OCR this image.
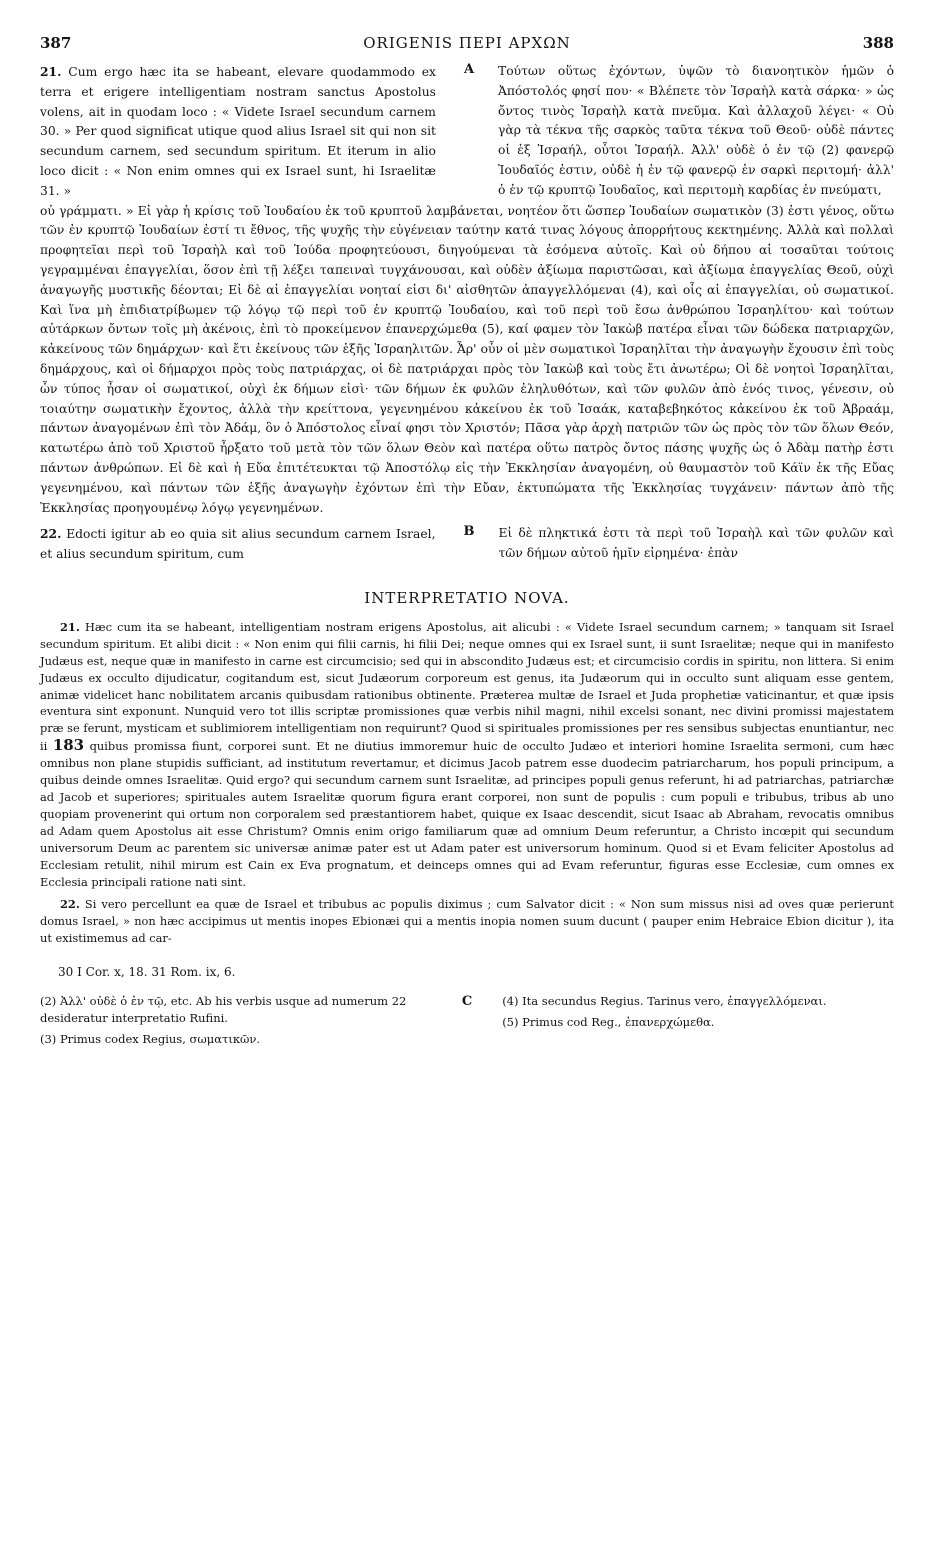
387	ORIGENIS ΠΕΡΙ ΑΡΧΩΝ	388

21. Cum ergo hæc ita se habeant, elevare quodammodo ex terra et erigere intelligentiam nostram sanctus Apostolus volens, ait in quodam loco : « Videte Israel secundum carnem 30. » Per quod significat utique quod alius Israel sit qui non sit secundum carnem, sed secundum spiritum. Et iterum in alio loco dicit : « Non enim omnes qui ex Israel sunt, hi Israelitæ 31. »

A	Τούτων οὕτως ἐχόντων, ὑψῶν τὸ διανοητικὸν ἡμῶν ὁ Ἀπόστολός φησί που· « Βλέπετε τὸν Ἰσραὴλ κατὰ σάρκα· » ὡς ὄντος τινὸς Ἰσραὴλ κατὰ πνεῦμα. Καὶ ἀλλαχοῦ λέγει· « Οὐ γὰρ τὰ τέκνα τῆς σαρκὸς ταῦτα τέκνα τοῦ Θεοῦ· οὐδὲ πάντες οἱ ἐξ Ἰσραήλ, οὗτοι Ἰσραήλ. Ἀλλ' οὐδὲ ὁ ἐν τῷ (2) φανερῷ Ἰουδαῖός ἐστιν, οὐδὲ ἡ ἐν τῷ φανερῷ ἐν σαρκὶ περιτομή· ἀλλ' ὁ ἐν τῷ κρυπτῷ Ἰουδαῖος, καὶ περιτομὴ καρδίας ἐν πνεύματι,

οὐ γράμματι. » Εἰ γὰρ ἡ κρίσις τοῦ Ἰουδαίου ἐκ τοῦ κρυπτοῦ λαμβάνεται, νοητέον ὅτι ὥσπερ Ἰουδαίων σωματικὸν (3) ἐστι γένος, οὕτω τῶν ἐν κρυπτῷ Ἰουδαίων ἐστί τι ἔθνος, τῆς ψυχῆς τὴν εὐγένειαν ταύτην κατά τινας λόγους ἀπορρήτους κεκτημένης. Ἀλλὰ καὶ πολλαὶ προφητεῖαι περὶ τοῦ Ἰσραὴλ καὶ τοῦ Ἰούδα προφητεύουσι, διηγούμεναι τὰ ἐσόμενα αὐτοῖς. Καὶ οὐ δήπου αἱ τοσαῦται τούτοις γεγραμμέναι ἐπαγγελίαι, ὅσον ἐπὶ τῇ λέξει ταπειναὶ τυγχάνουσαι, καὶ οὐδὲν ἀξίωμα παριστῶσαι, καὶ ἀξίωμα ἐπαγγελίας Θεοῦ, οὐχὶ ἀναγωγῆς μυστικῆς δέονται; Εἰ δὲ αἱ ἐπαγγελίαι νοηταί εἰσι δι' αἰσθητῶν ἀπαγγελλόμεναι (4), καὶ οἷς αἱ ἐπαγγελίαι, οὐ σωματικοί. Καὶ ἵνα μὴ ἐπιδιατρίβωμεν τῷ λόγῳ τῷ περὶ τοῦ ἐν κρυπτῷ Ἰουδαίου, καὶ τοῦ περὶ τοῦ ἔσω ἀνθρώπου Ἰσραηλίτου· καὶ τούτων αὐτάρκων ὄντων τοῖς μὴ ἀκένοις, ἐπὶ τὸ προκείμενον ἐπανερχώμεθα (5), καί φαμεν τὸν Ἰακὼβ πατέρα εἶναι τῶν δώδεκα πατριαρχῶν, κἀκείνους τῶν δημάρχων· καὶ ἔτι ἐκείνους τῶν ἑξῆς Ἰσραηλιτῶν. Ἆρ' οὖν οἱ μὲν σωματικοὶ Ἰσραηλῖται τὴν ἀναγωγὴν ἔχουσιν ἐπὶ τοὺς δημάρχους, καὶ οἱ δήμαρχοι πρὸς τοὺς πατριάρχας, οἱ δὲ πατριάρχαι πρὸς τὸν Ἰακὼβ καὶ τοὺς ἔτι ἀνωτέρω; Οἱ δὲ νοητοὶ Ἰσραηλῖται, ὧν τύπος ἦσαν οἱ σωματικοί, οὐχὶ ἐκ δήμων εἰσὶ· τῶν δήμων ἐκ φυλῶν ἐληλυθότων, καὶ τῶν φυλῶν ἀπὸ ἑνός τινος, γένεσιν, οὐ τοιαύτην σωματικὴν ἔχοντος, ἀλλὰ τὴν κρείττονα, γεγενημένου κἀκείνου ἐκ τοῦ Ἰσαάκ, καταβεβηκότος κἀκείνου ἐκ τοῦ Ἀβραάμ, πάντων ἀναγομένων ἐπὶ τὸν Ἀδάμ, ὃν ὁ Ἀπόστολος εἶναί φησι τὸν Χριστόν; Πᾶσα γὰρ ἀρχὴ πατριῶν τῶν ὡς πρὸς τὸν τῶν ὅλων Θεόν, κατωτέρω ἀπὸ τοῦ Χριστοῦ ἦρξατο τοῦ μετὰ τὸν τῶν ὅλων Θεὸν καὶ πατέρα οὕτω πατρὸς ὄντος πάσης ψυχῆς ὡς ὁ Ἀδὰμ πατὴρ ἐστι πάντων ἀνθρώπων. Εἰ δὲ καὶ ἡ Εὔα ἐπιτέτευκται τῷ Ἀποστόλῳ εἰς τὴν Ἐκκλησίαν ἀναγομένη, οὐ θαυμαστὸν τοῦ Κάϊν ἐκ τῆς Εὔας γεγενημένου, καὶ πάντων τῶν ἑξῆς ἀναγωγὴν ἐχόντων ἐπὶ τὴν Εὔαν, ἐκτυπώματα τῆς Ἐκκλησίας τυγχάνειν· πάντων ἀπὸ τῆς Ἐκκλησίας προηγουμένῳ λόγῳ γεγενημένων.

22. Edocti igitur ab eo quia sit alius secundum carnem Israel, et alius secundum spiritum, cum

B	Εἰ δὲ πληκτικά ἐστι τὰ περὶ τοῦ Ἰσραὴλ καὶ τῶν φυλῶν καὶ τῶν δήμων αὐτοῦ ἡμῖν εἰρημένα· ἐπὰν

INTERPRETATIO NOVA.

21. Hæc cum ita se habeant, intelligentiam nostram erigens Apostolus, ait alicubi : « Videte Israel secundum carnem; » tanquam sit Israel secundum spiritum. Et alibi dicit : « Non enim qui filii carnis, hi filii Dei; neque omnes qui ex Israel sunt, ii sunt Israelitæ; neque qui in manifesto Judæus est, neque quæ in manifesto in carne est circumcisio; sed qui in abscondito Judæus est; et circumcisio cordis in spiritu, non littera. Si enim Judæus ex occulto dijudicatur, cogitandum est, sicut Judæorum corporeum est genus, ita Judæorum qui in occulto sunt aliquam esse gentem, animæ videlicet hanc nobilitatem arcanis quibusdam rationibus obtinente. Præterea multæ de Israel et Juda prophetiæ vaticinantur, et quæ ipsis eventura sint exponunt. Nunquid vero tot illis scriptæ promissiones quæ verbis nihil magni, nihil excelsi sonant, nec divini promissi majestatem præ se ferunt, mysticam et sublimiorem intelligentiam non requirunt? Quod si spirituales promissiones per res sensibus subjectas enuntiantur, nec ii 183 quibus promissa fiunt, corporei sunt. Et ne diutius immoremur huic de occulto Judæo et interiori homine Israelita sermoni, cum hæc omnibus non plane stupidis sufficiant, ad institutum revertamur, et dicimus Jacob patrem esse duodecim patriarcharum, hos populi principum, a quibus deinde omnes Israelitæ. Quid ergo? qui secundum carnem sunt Israelitæ, ad principes populi genus referunt, hi ad patriarchas, patriarchæ ad Jacob et superiores; spirituales autem Israelitæ quorum figura erant corporei, non sunt de populis : cum populi e tribubus, tribus ab uno quopiam provenerint qui ortum non corporalem sed præstantiorem habet, quique ex Isaac descendit, sicut Isaac ab Abraham, revocatis omnibus ad Adam quem Apostolus ait esse Christum? Omnis enim origo familiarum quæ ad omnium Deum referuntur, a Christo incœpit qui secundum universorum Deum ac parentem sic universæ animæ pater est ut Adam pater est universorum hominum. Quod si et Evam feliciter Apostolus ad Ecclesiam retulit, nihil mirum est Cain ex Eva prognatum, et deinceps omnes qui ad Evam referuntur, figuras esse Ecclesiæ, cum omnes ex Ecclesia principali ratione nati sint.

22. Si vero percellunt ea quæ de Israel et tribubus ac populis diximus ; cum Salvator dicit : « Non sum missus nisi ad oves quæ perierunt domus Israel, » non hæc accipimus ut mentis inopes Ebionæi qui a mentis inopia nomen suum ducunt ( pauper enim Hebraice Ebion dicitur ), ita ut existimemus ad car-

30 I Cor. x, 18. 31 Rom. ix, 6.

(2) Ἀλλ' οὐδὲ ὁ ἐν τῷ, etc. Ab his verbis usque ad numerum 22 desideratur interpretatio Rufini.

(3) Primus codex Regius, σωματικῶν.

C	(4) Ita secundus Regius. Tarinus vero, ἐπαγγελλόμεναι.

(5) Primus cod Reg., ἐπανερχώμεθα.
